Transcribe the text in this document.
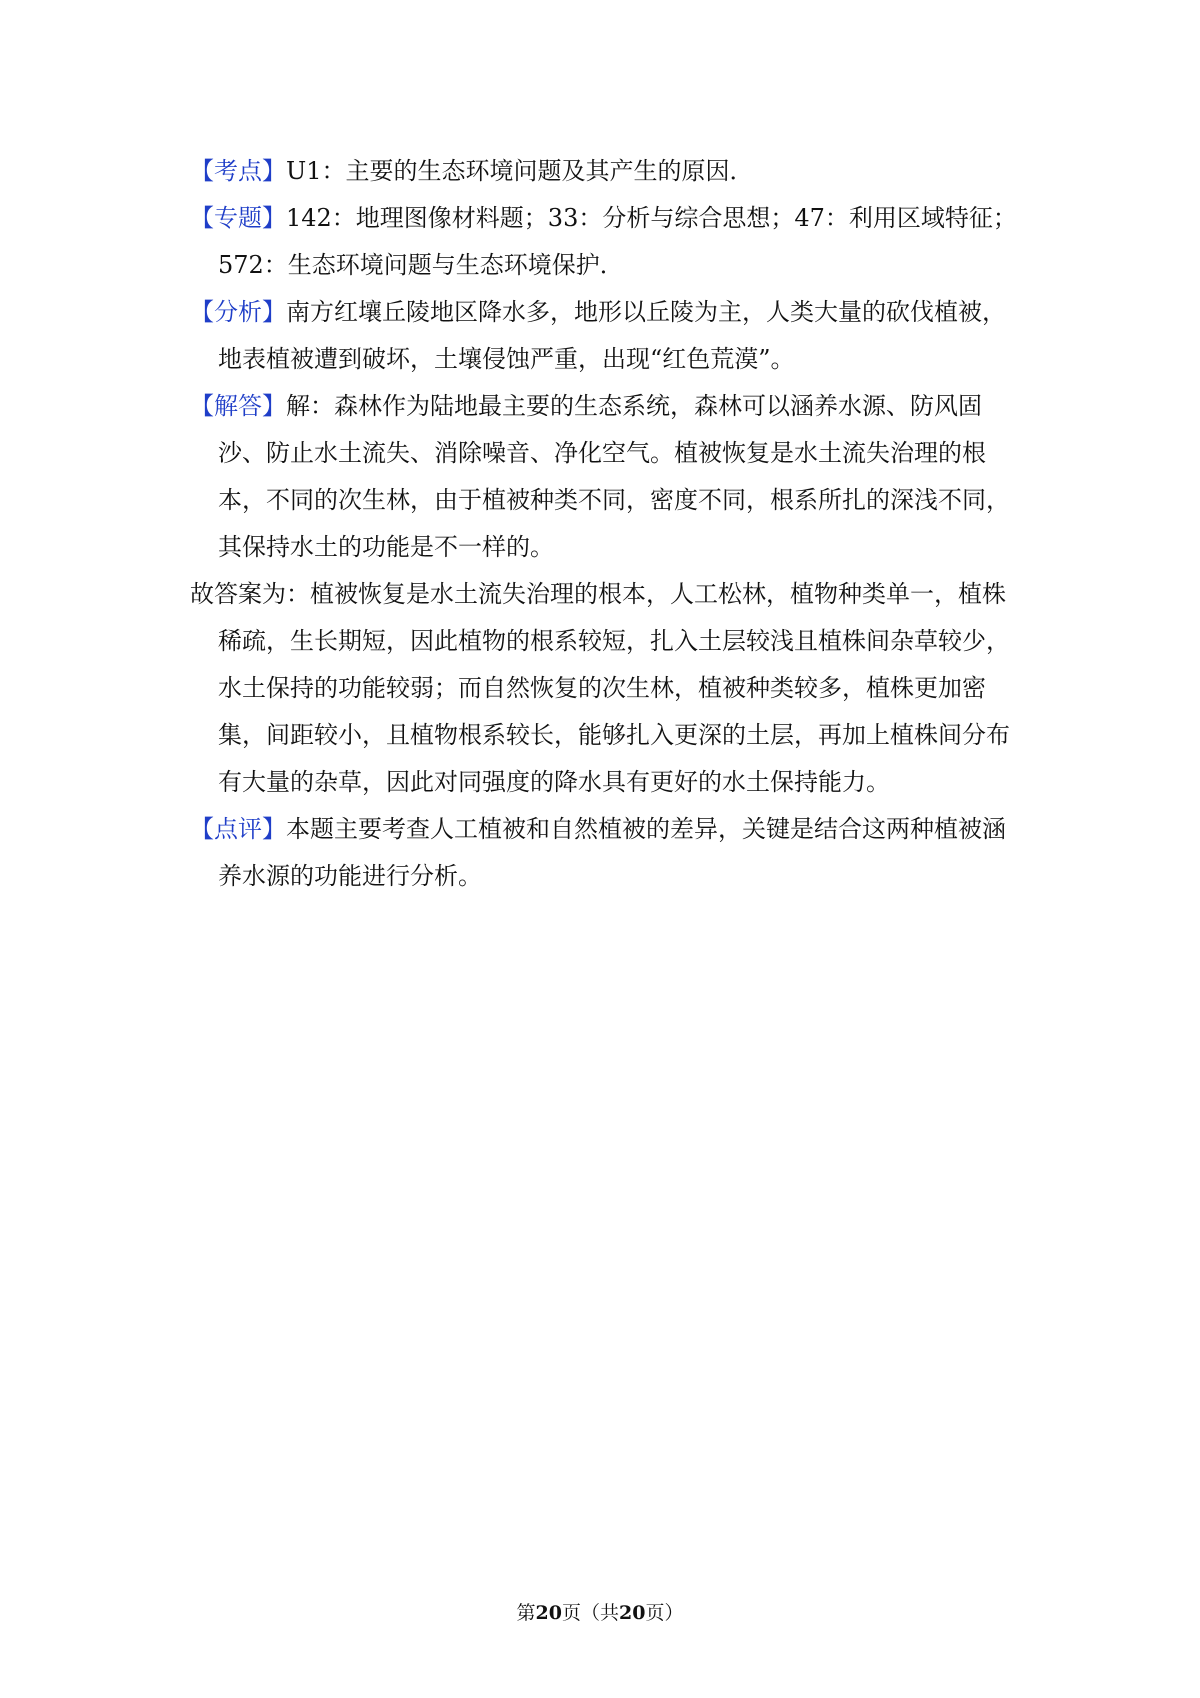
【考点】U1：主要的生态环境问题及其产生的原因．

【专题】142：地理图像材料题；33：分析与综合思想；47：利用区域特征；
572：生态环境问题与生态环境保护．

【分析】南方红壤丘陵地区降水多，地形以丘陵为主，人类大量的砍伐植被，
地表植被遭到破坏，土壤侵蚀严重，出现“红色荒漠”。

【解答】解：森林作为陆地最主要的生态系统，森林可以涵养水源、防风固
沙、防止水土流失、消除噪音、净化空气。植被恢复是水土流失治理的根
本，不同的次生林，由于植被种类不同，密度不同，根系所扎的深浅不同，
其保持水土的功能是不一样的。

故答案为：植被恢复是水土流失治理的根本，人工松林，植物种类单一，植株
稀疏，生长期短，因此植物的根系较短，扎入土层较浅且植株间杂草较少，
水土保持的功能较弱；而自然恢复的次生林，植被种类较多，植株更加密
集，间距较小，且植物根系较长，能够扎入更深的土层，再加上植株间分布
有大量的杂草，因此对同强度的降水具有更好的水土保持能力。

【点评】本题主要考查人工植被和自然植被的差异，关键是结合这两种植被涵
养水源的功能进行分析。

第20页（共20页）
